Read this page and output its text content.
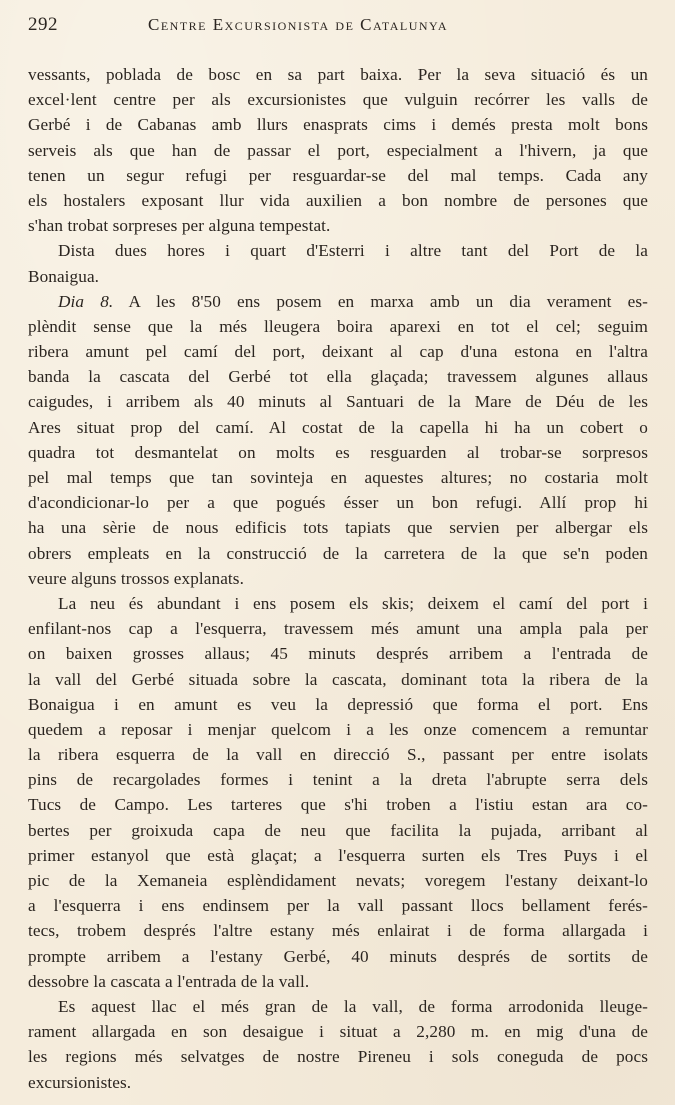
292	Centre Excursionista de Catalunya
vessants, poblada de bosc en sa part baixa. Per la seva situació és un
excel·lent centre per als excursionistes que vulguin recórrer les valls de
Gerbé i de Cabanas amb llurs enasprats cims i demés presta molt bons
serveis als que han de passar el port, especialment a l'hivern, ja que
tenen un segur refugi per resguardar-se del mal temps. Cada any
els hostalers exposant llur vida auxilien a bon nombre de persones que
s'han trobat sorpreses per alguna tempestat.
Dista dues hores i quart d'Esterri i altre tant del Port de la
Bonaigua.
Dia 8. A les 8'50 ens posem en marxa amb un dia verament es-
plèndit sense que la més lleugera boira aparexi en tot el cel; seguim
ribera amunt pel camí del port, deixant al cap d'una estona en l'altra
banda la cascata del Gerbé tot ella glaçada; travessem algunes allaus
caigudes, i arribem als 40 minuts al Santuari de la Mare de Déu de les
Ares situat prop del camí. Al costat de la capella hi ha un cobert o
quadra tot desmantelat on molts es resguarden al trobar-se sorpresos
pel mal temps que tan sovinteja en aquestes altures; no costaria molt
d'acondicionar-lo per a que pogués ésser un bon refugi. Allí prop hi
ha una sèrie de nous edificis tots tapiats que servien per albergar els
obrers empleats en la construcció de la carretera de la que se'n poden
veure alguns trossos explanats.
La neu és abundant i ens posem els skis; deixem el camí del port i
enfilant-nos cap a l'esquerra, travessem més amunt una ampla pala per
on baixen grosses allaus; 45 minuts després arribem a l'entrada de
la vall del Gerbé situada sobre la cascata, dominant tota la ribera de la
Bonaigua i en amunt es veu la depressió que forma el port. Ens
quedem a reposar i menjar quelcom i a les onze comencem a remuntar
la ribera esquerra de la vall en direcció S., passant per entre isolats
pins de recargolades formes i tenint a la dreta l'abrupte serra dels
Tucs de Campo. Les tarteres que s'hi troben a l'istiu estan ara co-
bertes per groixuda capa de neu que facilita la pujada, arribant al
primer estanyol que està glaçat; a l'esquerra surten els Tres Puys i el
pic de la Xemaneia esplèndidament nevats; voregem l'estany deixant-lo
a l'esquerra i ens endinsem per la vall passant llocs bellament ferés-
tecs, trobem després l'altre estany més enlairat i de forma allargada i
prompte arribem a l'estany Gerbé, 40 minuts després de sortits de
dessobre la cascata a l'entrada de la vall.
Es aquest llac el més gran de la vall, de forma arrodonida lleuge-
rament allargada en son desaigue i situat a 2,280 m. en mig d'una de
les regions més selvatges de nostre Pireneu i sols coneguda de pocs
excursionistes.
